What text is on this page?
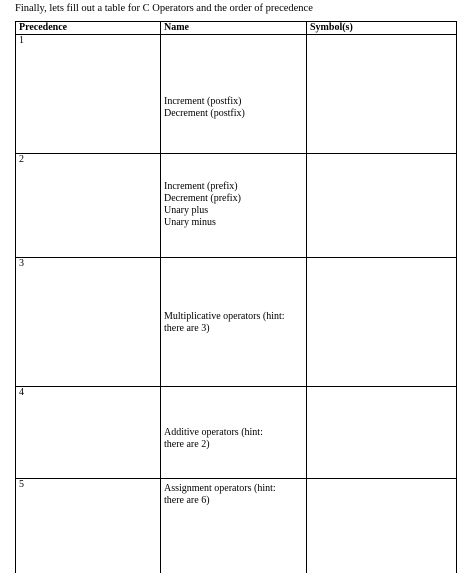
Finally, lets fill out a table for C Operators and the order of precedence
Precedence	Name	Symbol(s)
1	Increment (postfix)
Decrement (postfix)	

2	Increment (prefix)
Decrement (prefix)
Unary plus
Unary minus	

3	Multiplicative operators (hint:
there are 3)	

4	Additive operators (hint:
there are 2)	

5	Assignment operators (hint:
there are 6)	
